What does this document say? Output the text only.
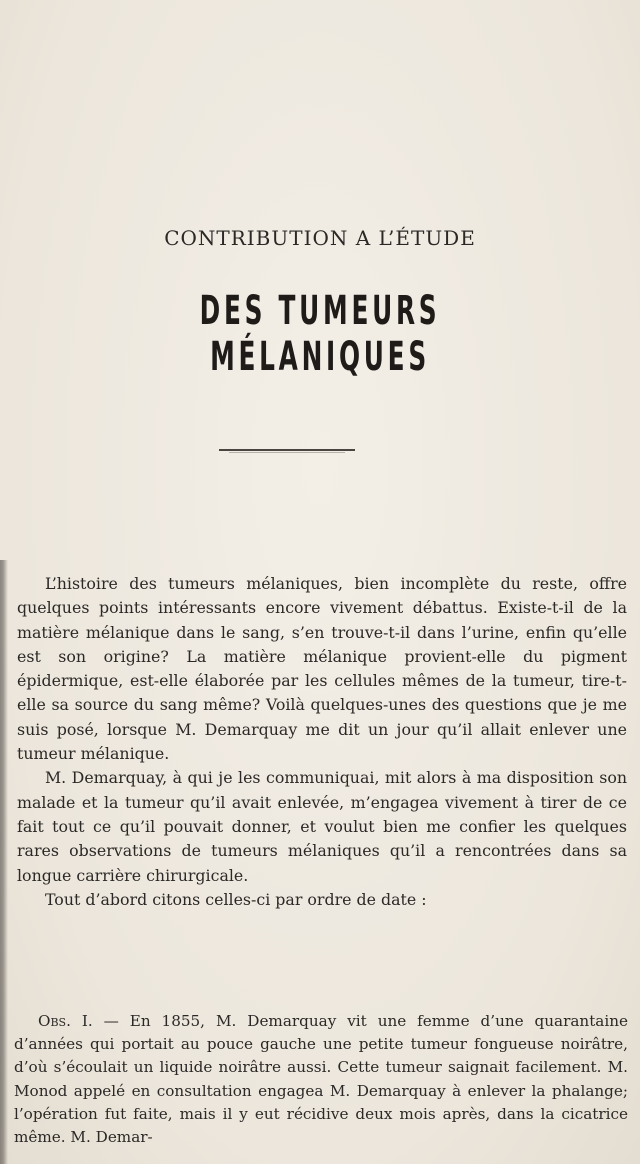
CONTRIBUTION A L’ÉTUDE
DES TUMEURS MÉLANIQUES

L’histoire des tumeurs mélaniques, bien incomplète du reste, offre quelques points intéressants encore vivement débattus. Existe-t-il de la matière mélanique dans le sang, s’en trouve-t-il dans l’urine, enfin qu’elle est son origine? La matière mélanique provient-elle du pigment épidermique, est-elle élaborée par les cellules mêmes de la tumeur, tire-t-elle sa source du sang même? Voilà quelques-unes des questions que je me suis posé, lorsque M. Demarquay me dit un jour qu’il allait enlever une tumeur mélanique.

M. Demarquay, à qui je les communiquai, mit alors à ma disposition son malade et la tumeur qu’il avait enlevée, m’engagea vivement à tirer de ce fait tout ce qu’il pouvait donner, et voulut bien me confier les quelques rares observations de tumeurs mélaniques qu’il a rencontrées dans sa longue carrière chirurgicale.

Tout d’abord citons celles-ci par ordre de date :

Obs. I. — En 1855, M. Demarquay vit une femme d’une quarantaine d’années qui portait au pouce gauche une petite tumeur fongueuse noirâtre, d’où s’écoulait un liquide noirâtre aussi. Cette tumeur saignait facilement. M. Monod appelé en consultation engagea M. Demarquay à enlever la phalange; l’opération fut faite, mais il y eut récidive deux mois après, dans la cicatrice même. M. Demar-
